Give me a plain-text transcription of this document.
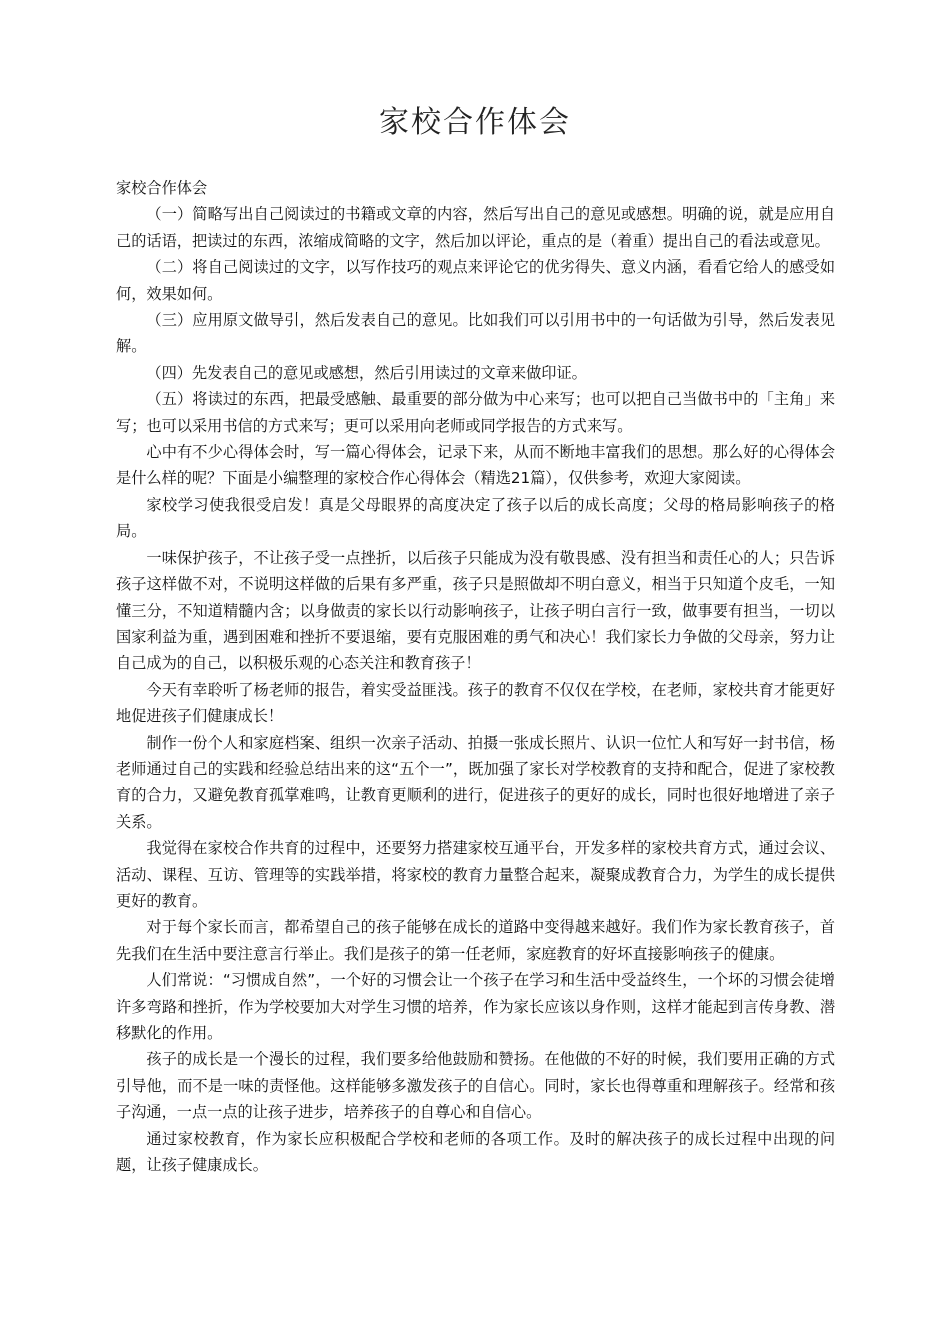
家校合作体会

家校合作体会

（一）简略写出自己阅读过的书籍或文章的内容，然后写出自己的意见或感想。明确的说，就是应用自己的话语，把读过的东西，浓缩成简略的文字，然后加以评论，重点的是（着重）提出自己的看法或意见。

（二）将自己阅读过的文字，以写作技巧的观点来评论它的优劣得失、意义内涵，看看它给人的感受如何，效果如何。

（三）应用原文做导引，然后发表自己的意见。比如我们可以引用书中的一句话做为引导，然后发表见解。

（四）先发表自己的意见或感想，然后引用读过的文章来做印证。

（五）将读过的东西，把最受感触、最重要的部分做为中心来写；也可以把自己当做书中的「主角」来写；也可以采用书信的方式来写；更可以采用向老师或同学报告的方式来写。

心中有不少心得体会时，写一篇心得体会，记录下来，从而不断地丰富我们的思想。那么好的心得体会是什么样的呢？下面是小编整理的家校合作心得体会（精选21篇），仅供参考，欢迎大家阅读。

家校学习使我很受启发！真是父母眼界的高度决定了孩子以后的成长高度；父母的格局影响孩子的格局。

一味保护孩子，不让孩子受一点挫折，以后孩子只能成为没有敬畏感、没有担当和责任心的人；只告诉孩子这样做不对，不说明这样做的后果有多严重，孩子只是照做却不明白意义，相当于只知道个皮毛，一知懂三分，不知道精髓内含；以身做责的家长以行动影响孩子，让孩子明白言行一致，做事要有担当，一切以国家利益为重，遇到困难和挫折不要退缩，要有克服困难的勇气和决心！我们家长力争做的父母亲，努力让自己成为的自己，以积极乐观的心态关注和教育孩子！

今天有幸聆听了杨老师的报告，着实受益匪浅。孩子的教育不仅仅在学校，在老师，家校共育才能更好地促进孩子们健康成长！

制作一份个人和家庭档案、组织一次亲子活动、拍摄一张成长照片、认识一位忙人和写好一封书信，杨老师通过自己的实践和经验总结出来的这“五个一”，既加强了家长对学校教育的支持和配合，促进了家校教育的合力，又避免教育孤掌难鸣，让教育更顺利的进行，促进孩子的更好的成长，同时也很好地增进了亲子关系。

我觉得在家校合作共育的过程中，还要努力搭建家校互通平台，开发多样的家校共育方式，通过会议、活动、课程、互访、管理等的实践举措，将家校的教育力量整合起来，凝聚成教育合力，为学生的成长提供更好的教育。

对于每个家长而言，都希望自己的孩子能够在成长的道路中变得越来越好。我们作为家长教育孩子，首先我们在生活中要注意言行举止。我们是孩子的第一任老师，家庭教育的好坏直接影响孩子的健康。

人们常说：“习惯成自然”，一个好的习惯会让一个孩子在学习和生活中受益终生，一个坏的习惯会徒增许多弯路和挫折，作为学校要加大对学生习惯的培养，作为家长应该以身作则，这样才能起到言传身教、潜移默化的作用。

孩子的成长是一个漫长的过程，我们要多给他鼓励和赞扬。在他做的不好的时候，我们要用正确的方式引导他，而不是一味的责怪他。这样能够多激发孩子的自信心。同时，家长也得尊重和理解孩子。经常和孩子沟通，一点一点的让孩子进步，培养孩子的自尊心和自信心。

通过家校教育，作为家长应积极配合学校和老师的各项工作。及时的解决孩子的成长过程中出现的问题，让孩子健康成长。
